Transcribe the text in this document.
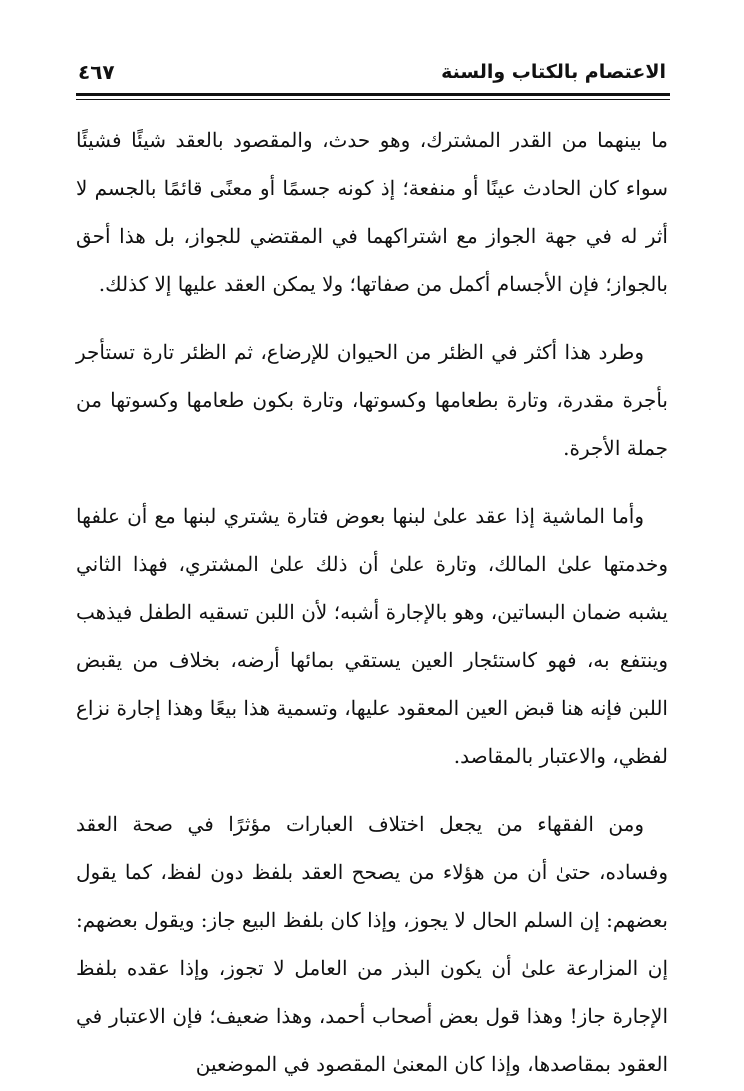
الاعتصام بالكتاب والسنة
٤٦٧

ما بينهما من القدر المشترك، وهو حدث، والمقصود بالعقد شيئًا فشيئًا سواء كان الحادث عينًا أو منفعة؛ إذ كونه جسمًا أو معنًى قائمًا بالجسم لا أثر له في جهة الجواز مع اشتراكهما في المقتضي للجواز، بل هذا أحق بالجواز؛ فإن الأجسام أكمل من صفاتها؛ ولا يمكن العقد عليها إلا كذلك.

وطرد هذا أكثر في الظئر من الحيوان للإرضاع، ثم الظئر تارة تستأجر بأجرة مقدرة، وتارة بطعامها وكسوتها، وتارة بكون طعامها وكسوتها من جملة الأجرة.

وأما الماشية إذا عقد علىٰ لبنها بعوض فتارة يشتري لبنها مع أن علفها وخدمتها علىٰ المالك، وتارة علىٰ أن ذلك علىٰ المشتري، فهذا الثاني يشبه ضمان البساتين، وهو بالإجارة أشبه؛ لأن اللبن تسقيه الطفل فيذهب وينتفع به، فهو كاستئجار العين يستقي بمائها أرضه، بخلاف من يقبض اللبن فإنه هنا قبض العين المعقود عليها، وتسمية هذا بيعًا وهذا إجارة نزاع لفظي، والاعتبار بالمقاصد.

ومن الفقهاء من يجعل اختلاف العبارات مؤثرًا في صحة العقد وفساده، حتىٰ أن من هؤلاء من يصحح العقد بلفظ دون لفظ، كما يقول بعضهم: إن السلم الحال لا يجوز، وإذا كان بلفظ البيع جاز: ويقول بعضهم: إن المزارعة علىٰ أن يكون البذر من العامل لا تجوز، وإذا عقده بلفظ الإجارة جاز! وهذا قول بعض أصحاب أحمد، وهذا ضعيف؛ فإن الاعتبار في العقود بمقاصدها، وإذا كان المعنىٰ المقصود في الموضعين
